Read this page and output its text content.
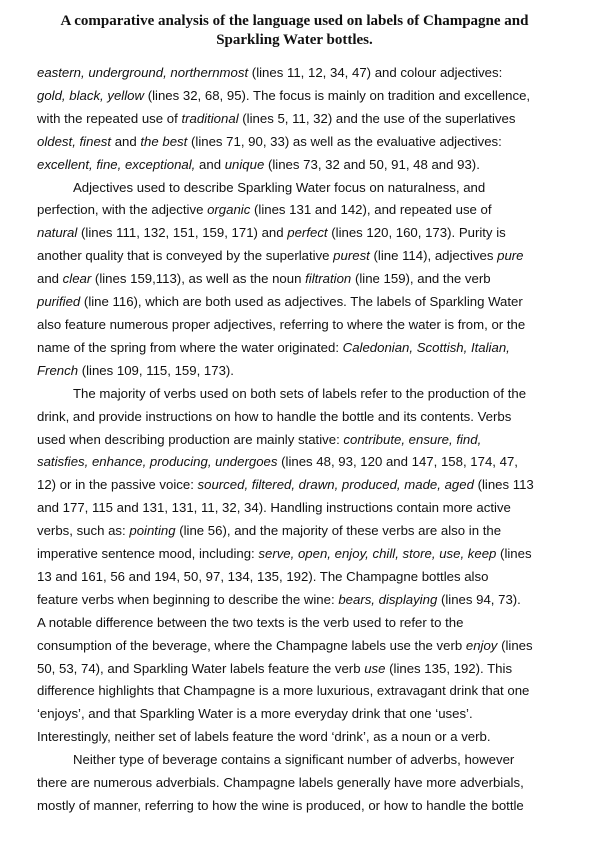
A comparative analysis of the language used on labels of Champagne and
Sparkling Water bottles.

eastern, underground, northernmost (lines 11, 12, 34, 47) and colour adjectives:
gold, black, yellow (lines 32, 68, 95). The focus is mainly on tradition and excellence,
with the repeated use of traditional (lines 5, 11, 32) and the use of the superlatives
oldest, finest and the best (lines 71, 90, 33) as well as the evaluative adjectives:
excellent, fine, exceptional, and unique (lines 73, 32 and 50, 91, 48 and 93).

Adjectives used to describe Sparkling Water focus on naturalness, and
perfection, with the adjective organic (lines 131 and 142), and repeated use of
natural (lines 111, 132, 151, 159, 171) and perfect (lines 120, 160, 173). Purity is
another quality that is conveyed by the superlative purest (line 114), adjectives pure
and clear (lines 159,113), as well as the noun filtration (line 159), and the verb
purified (line 116), which are both used as adjectives. The labels of Sparkling Water
also feature numerous proper adjectives, referring to where the water is from, or the
name of the spring from where the water originated: Caledonian, Scottish, Italian,
French (lines 109, 115, 159, 173).

The majority of verbs used on both sets of labels refer to the production of the
drink, and provide instructions on how to handle the bottle and its contents. Verbs
used when describing production are mainly stative: contribute, ensure, find,
satisfies, enhance, producing, undergoes (lines 48, 93, 120 and 147, 158, 174, 47,
12) or in the passive voice: sourced, filtered, drawn, produced, made, aged (lines 113
and 177, 115 and 131, 131, 11, 32, 34). Handling instructions contain more active
verbs, such as: pointing (line 56), and the majority of these verbs are also in the
imperative sentence mood, including: serve, open, enjoy, chill, store, use, keep (lines
13 and 161, 56 and 194, 50, 97, 134, 135, 192). The Champagne bottles also
feature verbs when beginning to describe the wine: bears, displaying (lines 94, 73).
A notable difference between the two texts is the verb used to refer to the
consumption of the beverage, where the Champagne labels use the verb enjoy (lines
50, 53, 74), and Sparkling Water labels feature the verb use (lines 135, 192). This
difference highlights that Champagne is a more luxurious, extravagant drink that one
‘enjoys’, and that Sparkling Water is a more everyday drink that one ‘uses’.
Interestingly, neither set of labels feature the word ‘drink’, as a noun or a verb.

Neither type of beverage contains a significant number of adverbs, however
there are numerous adverbials. Champagne labels generally have more adverbials,
mostly of manner, referring to how the wine is produced, or how to handle the bottle
